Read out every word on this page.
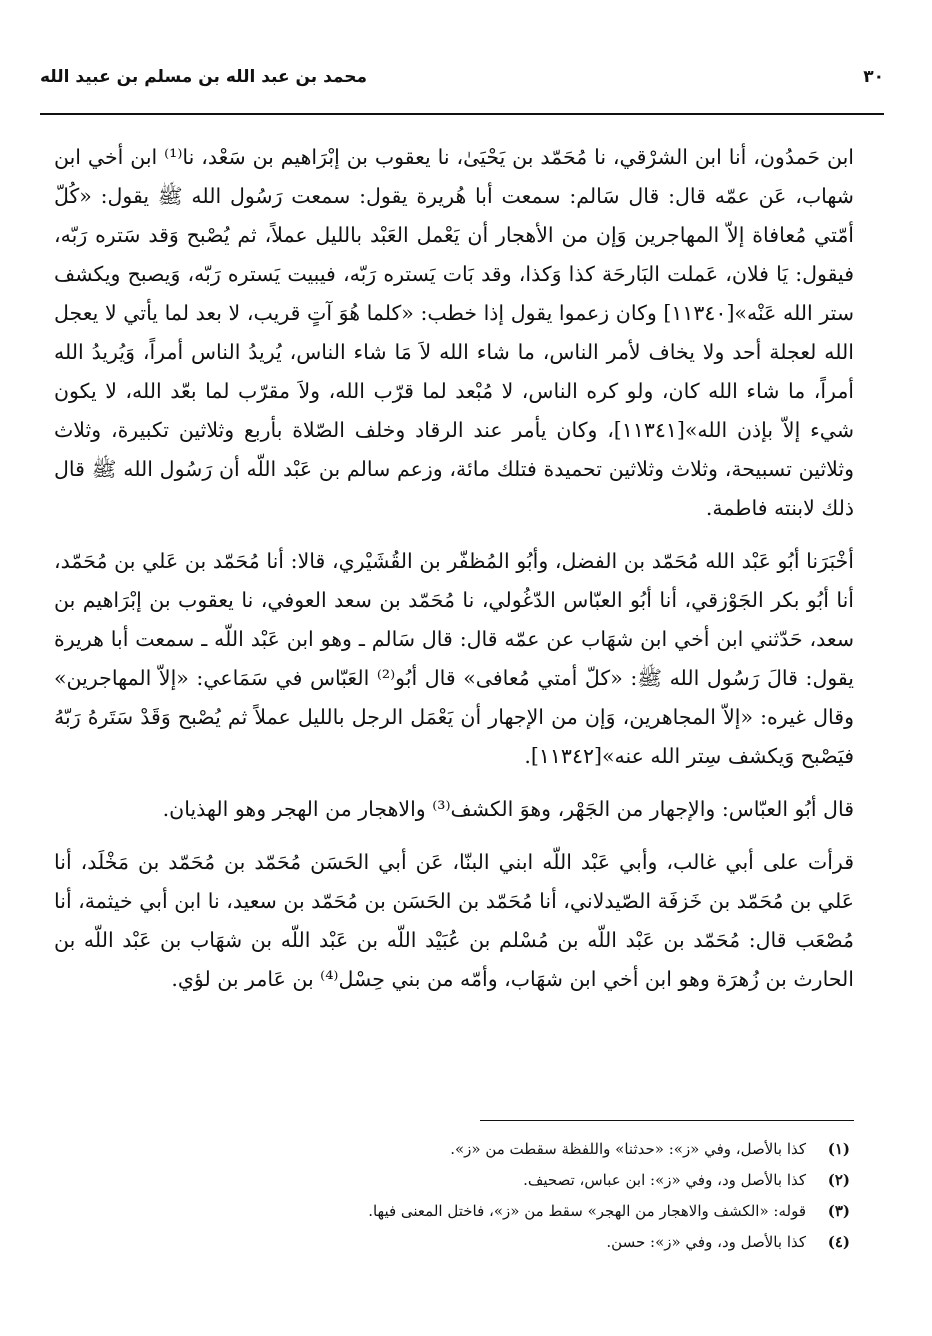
٣٠
محمد بن عبد الله بن مسلم بن عبيد الله

ابن حَمدُون، أنا ابن الشرْقي، نا مُحَمّد بن يَحْيَىٰ، نا يعقوب بن إبْرَاهيم بن سَعْد، نا⁽¹⁾ ابن أخي ابن شهاب، عَن عمّه قال: قال سَالم: سمعت أبا هُريرة يقول: سمعت رَسُول الله ﷺ يقول: «كُلّ أمّتي مُعافاة إلاّ المهاجرين وَإن من الأهجار أن يَعْمل العَبْد بالليل عملاً، ثم يُصْبح وَقد سَتره رَبّه، فيقول: يَا فلان، عَملت البَارحَة كذا وَكذا، وقد بَات يَستره رَبّه، فيبيت يَستره رَبّه، وَيصبح ويكشف ستر الله عَنْه»[١١٣٤٠] وكان زعموا يقول إذا خطب: «كلما هُوَ آتٍ قريب، لا بعد لما يأتي لا يعجل الله لعجلة أحد ولا يخاف لأمر الناس، ما شاء الله لاَ مَا شاء الناس، يُريدُ الناس أمراً، وَيُريدُ الله أمراً، ما شاء الله كان، ولو كره الناس، لا مُبْعد لما قرّب الله، ولاَ مقرّب لما بعّد الله، لا يكون شيء إلاّ بإذن الله»[١١٣٤١]، وكان يأمر عند الرقاد وخلف الصّلاة بأربع وثلاثين تكبيرة، وثلاث وثلاثين تسبيحة، وثلاث وثلاثين تحميدة فتلك مائة، وزعم سالم بن عَبْد اللّه أن رَسُول الله ﷺ قال ذلك لابنته فاطمة.

أخْبَرَنا أبُو عَبْد الله مُحَمّد بن الفضل، وأبُو المُظفّر بن القُشَيْري، قالا: أنا مُحَمّد بن عَلي بن مُحَمّد، أنا أبُو بكر الجَوْزقي، أنا أبُو العبّاس الدّغُولي، نا مُحَمّد بن سعد العوفي، نا يعقوب بن إبْرَاهيم بن سعد، حَدّثني ابن أخي ابن شهَاب عن عمّه قال: قال سَالم ـ وهو ابن عَبْد اللّه ـ سمعت أبا هريرة يقول: قالَ رَسُول الله ﷺ: «كلّ أمتي مُعافى» قال أبُو⁽²⁾ العَبّاس في سَمَاعي: «إلاّ المهاجرين» وقال غيره: «إلاّ المجاهرين، وَإن من الإجهار أن يَعْمَل الرجل بالليل عملاً ثم يُصْبح وَقَدْ سَتَرهُ رَبّهُ فيَصْبح وَيكشف سِتر الله عنه»[١١٣٤٢].

قال أبُو العبّاس: والإجهار من الجَهْر، وهوَ الكشف⁽³⁾ والاهجار من الهجر وهو الهذيان.

قرأت على أبي غالب، وأبي عَبْد اللّه ابني البنّا، عَن أبي الحَسَن مُحَمّد بن مُحَمّد بن مَخْلَد، أنا عَلي بن مُحَمّد بن خَزفَة الصّيدلاني، أنا مُحَمّد بن الحَسَن بن مُحَمّد بن سعيد، نا ابن أبي خيثمة، أنا مُصْعَب قال: مُحَمّد بن عَبْد اللّه بن مُسْلم بن عُبَيْد اللّه بن عَبْد اللّه بن شهَاب بن عَبْد اللّه بن الحارث بن زُهرَة وهو ابن أخي ابن شهَاب، وأمّه من بني حِسْل⁽⁴⁾ بن عَامر بن لؤي.

(١)
كذا بالأصل، وفي «ز»: «حدثنا» واللفظة سقطت من «ز».
(٢)
كذا بالأصل ود، وفي «ز»: ابن عباس، تصحيف.
(٣)
قوله: «الكشف والاهجار من الهجر» سقط من «ز»، فاختل المعنى فيها.
(٤)
كذا بالأصل ود، وفي «ز»: حسن.
